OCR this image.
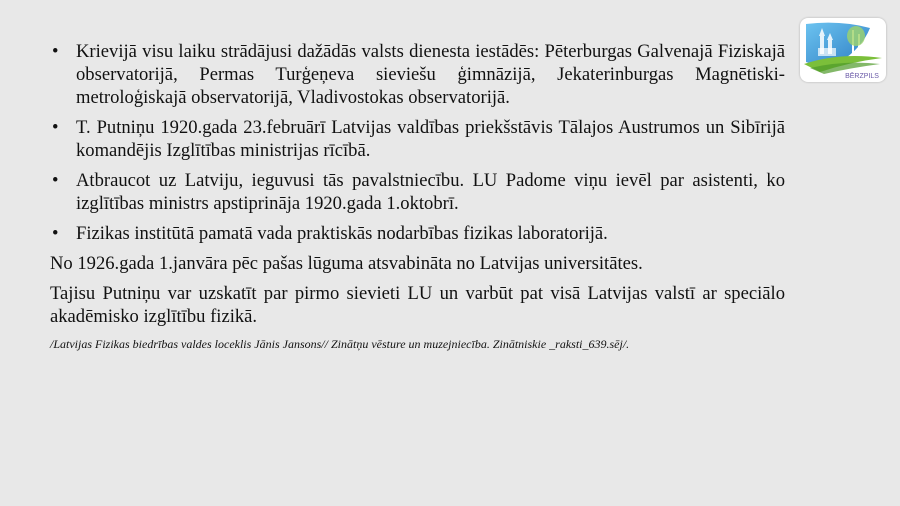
BĒRZPILS
• Krievijā visu laiku strādājusi dažādās valsts dienesta iestādēs: Pēterburgas Galvenajā Fiziskajā observatorijā, Permas Turģeņeva sieviešu ģimnāzijā, Jekaterinburgas Magnētiski-metroloģiskajā observatorijā, Vladivostokas observatorijā.
• T. Putniņu 1920.gada 23.februārī Latvijas valdības priekšstāvis Tālajos Austrumos un Sibīrijā komandējis Izglītības ministrijas rīcībā.
• Atbraucot uz Latviju, ieguvusi tās pavalstniecību. LU Padome viņu ievēl par asistenti, ko izglītības ministrs apstiprināja 1920.gada 1.oktobrī.
• Fizikas institūtā pamatā vada praktiskās nodarbības fizikas laboratorijā.

No 1926.gada 1.janvāra pēc pašas lūguma atsvabināta no Latvijas universitātes.

Tajisu Putniņu var uzskatīt par pirmo sievieti LU un varbūt pat visā Latvijas valstī ar speciālo akadēmisko izglītību fizikā.

/Latvijas Fizikas biedrības valdes loceklis Jānis Jansons// Zinātņu vēsture un muzejniecība. Zinātniskie _raksti_639.sēj/.
